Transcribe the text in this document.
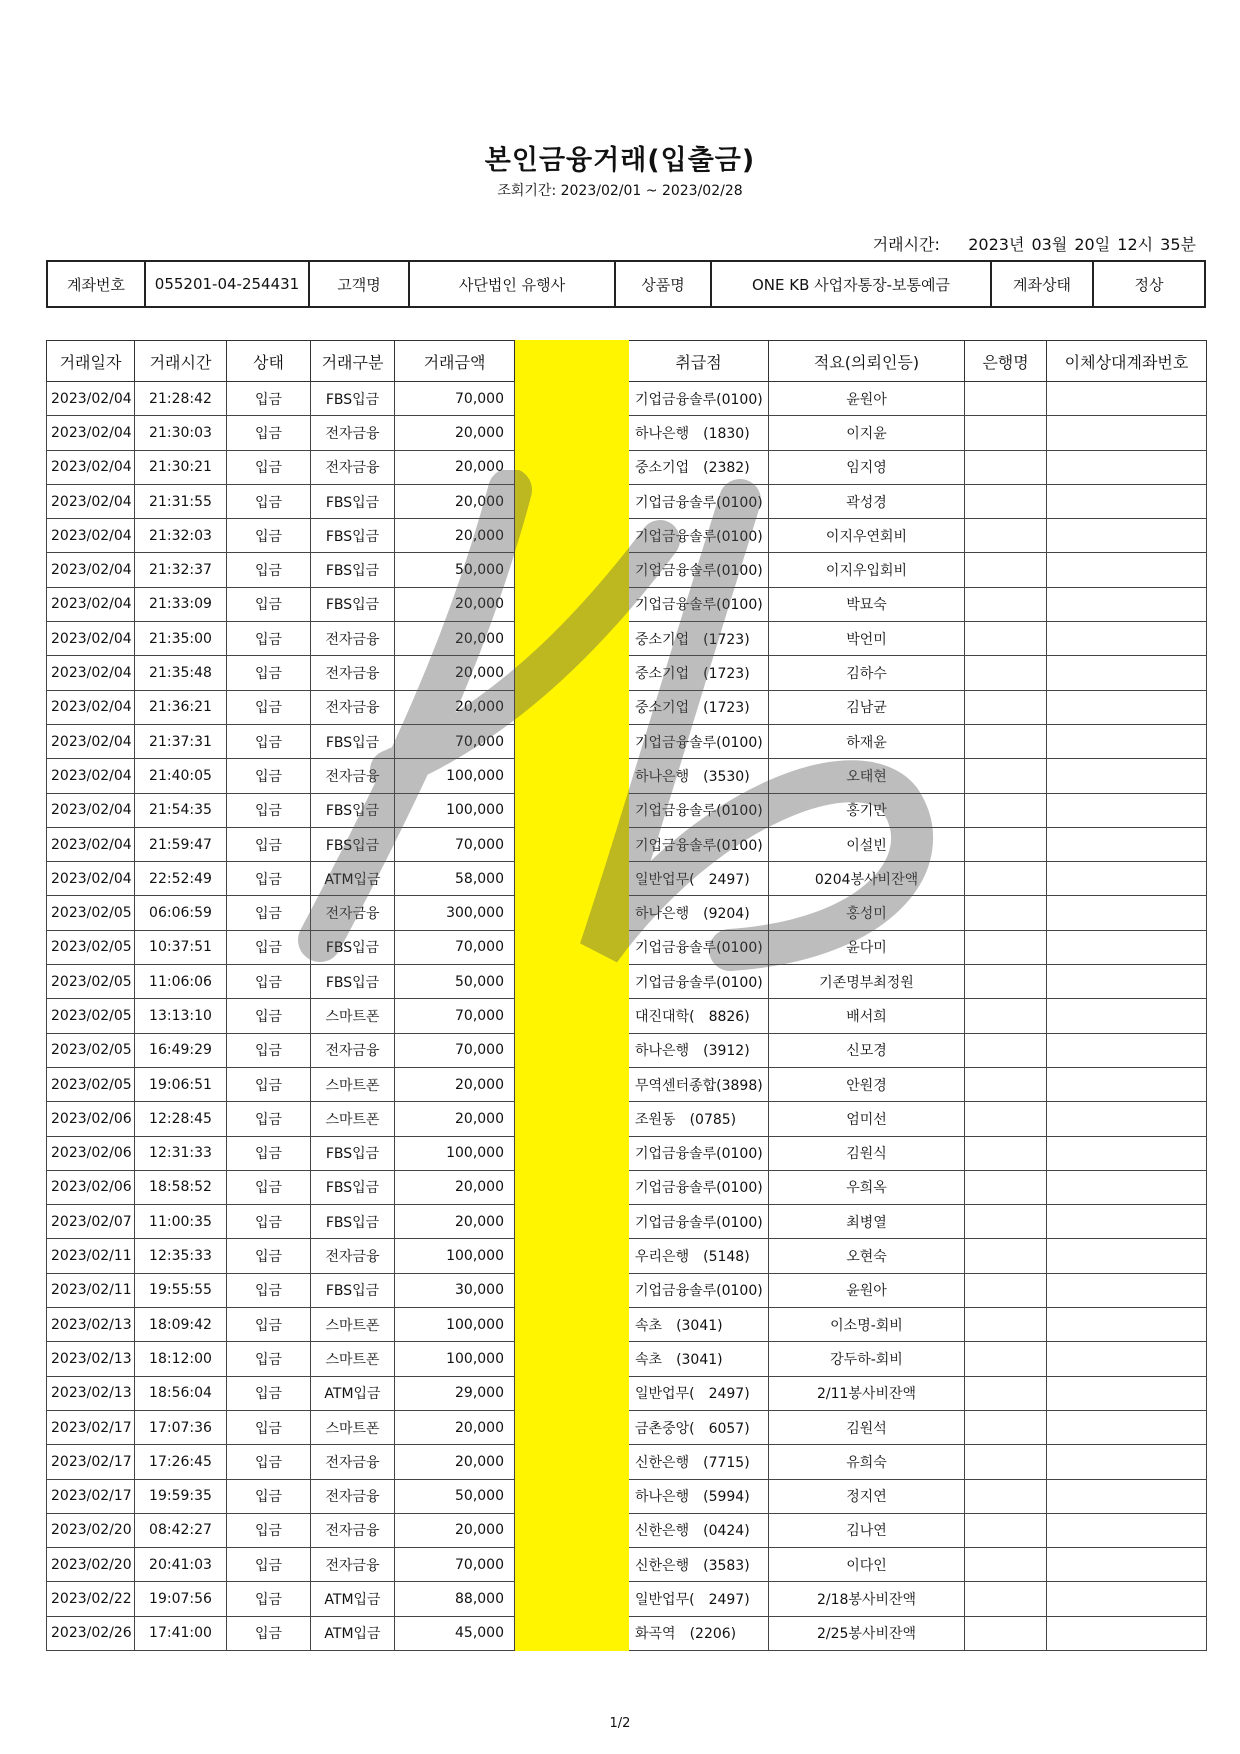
본인금융거래(입출금)
조회기간: 2023/02/01 ~ 2023/02/28
거래시간: 2023년 03월 20일 12시 35분
계좌번호	055201-04-254431	고객명	사단법인 유행사	상품명	ONE KB 사업자통장-보통예금	계좌상태	정상
거래일자	거래시간	상태	거래구분	거래금액		취급점	적요(의뢰인등)	은행명	이체상대계좌번호
2023/02/04	21:28:42	입금	FBS입금	70,000		기업금융솔루(0100)	윤원아		
2023/02/04	21:30:03	입금	전자금융	20,000		하나은행 (1830)	이지윤		
2023/02/04	21:30:21	입금	전자금융	20,000		중소기업 (2382)	임지영		
2023/02/04	21:31:55	입금	FBS입금	20,000		기업금융솔루(0100)	곽성경		
2023/02/04	21:32:03	입금	FBS입금	20,000		기업금융솔루(0100)	이지우연회비		
2023/02/04	21:32:37	입금	FBS입금	50,000		기업금융솔루(0100)	이지우입회비		
2023/02/04	21:33:09	입금	FBS입금	20,000		기업금융솔루(0100)	박묘숙		
2023/02/04	21:35:00	입금	전자금융	20,000		중소기업 (1723)	박언미		
2023/02/04	21:35:48	입금	전자금융	20,000		중소기업 (1723)	김하수		
2023/02/04	21:36:21	입금	전자금융	20,000		중소기업 (1723)	김남균		
2023/02/04	21:37:31	입금	FBS입금	70,000		기업금융솔루(0100)	하재윤		
2023/02/04	21:40:05	입금	전자금융	100,000		하나은행 (3530)	오태현		
2023/02/04	21:54:35	입금	FBS입금	100,000		기업금융솔루(0100)	홍기만		
2023/02/04	21:59:47	입금	FBS입금	70,000		기업금융솔루(0100)	이설빈		
2023/02/04	22:52:49	입금	ATM입금	58,000		일반업무( 2497)	0204봉사비잔액		
2023/02/05	06:06:59	입금	전자금융	300,000		하나은행 (9204)	홍성미		
2023/02/05	10:37:51	입금	FBS입금	70,000		기업금융솔루(0100)	윤다미		
2023/02/05	11:06:06	입금	FBS입금	50,000		기업금융솔루(0100)	기존명부최정원		
2023/02/05	13:13:10	입금	스마트폰	70,000		대진대학( 8826)	배서희		
2023/02/05	16:49:29	입금	전자금융	70,000		하나은행 (3912)	신모경		
2023/02/05	19:06:51	입금	스마트폰	20,000		무역센터종합(3898)	안원경		
2023/02/06	12:28:45	입금	스마트폰	20,000		조원동 (0785)	엄미선		
2023/02/06	12:31:33	입금	FBS입금	100,000		기업금융솔루(0100)	김원식		
2023/02/06	18:58:52	입금	FBS입금	20,000		기업금융솔루(0100)	우희옥		
2023/02/07	11:00:35	입금	FBS입금	20,000		기업금융솔루(0100)	최병열		
2023/02/11	12:35:33	입금	전자금융	100,000		우리은행 (5148)	오현숙		
2023/02/11	19:55:55	입금	FBS입금	30,000		기업금융솔루(0100)	윤원아		
2023/02/13	18:09:42	입금	스마트폰	100,000		속초 (3041)	이소명-회비		
2023/02/13	18:12:00	입금	스마트폰	100,000		속초 (3041)	강두하-회비		
2023/02/13	18:56:04	입금	ATM입금	29,000		일반업무( 2497)	2/11봉사비잔액		
2023/02/17	17:07:36	입금	스마트폰	20,000		금촌중앙( 6057)	김원석		
2023/02/17	17:26:45	입금	전자금융	20,000		신한은행 (7715)	유희숙		
2023/02/17	19:59:35	입금	전자금융	50,000		하나은행 (5994)	정지연		
2023/02/20	08:42:27	입금	전자금융	20,000		신한은행 (0424)	김나연		
2023/02/20	20:41:03	입금	전자금융	70,000		신한은행 (3583)	이다인		
2023/02/22	19:07:56	입금	ATM입금	88,000		일반업무( 2497)	2/18봉사비잔액		
2023/02/26	17:41:00	입금	ATM입금	45,000		화곡역 (2206)	2/25봉사비잔액		
1/2
